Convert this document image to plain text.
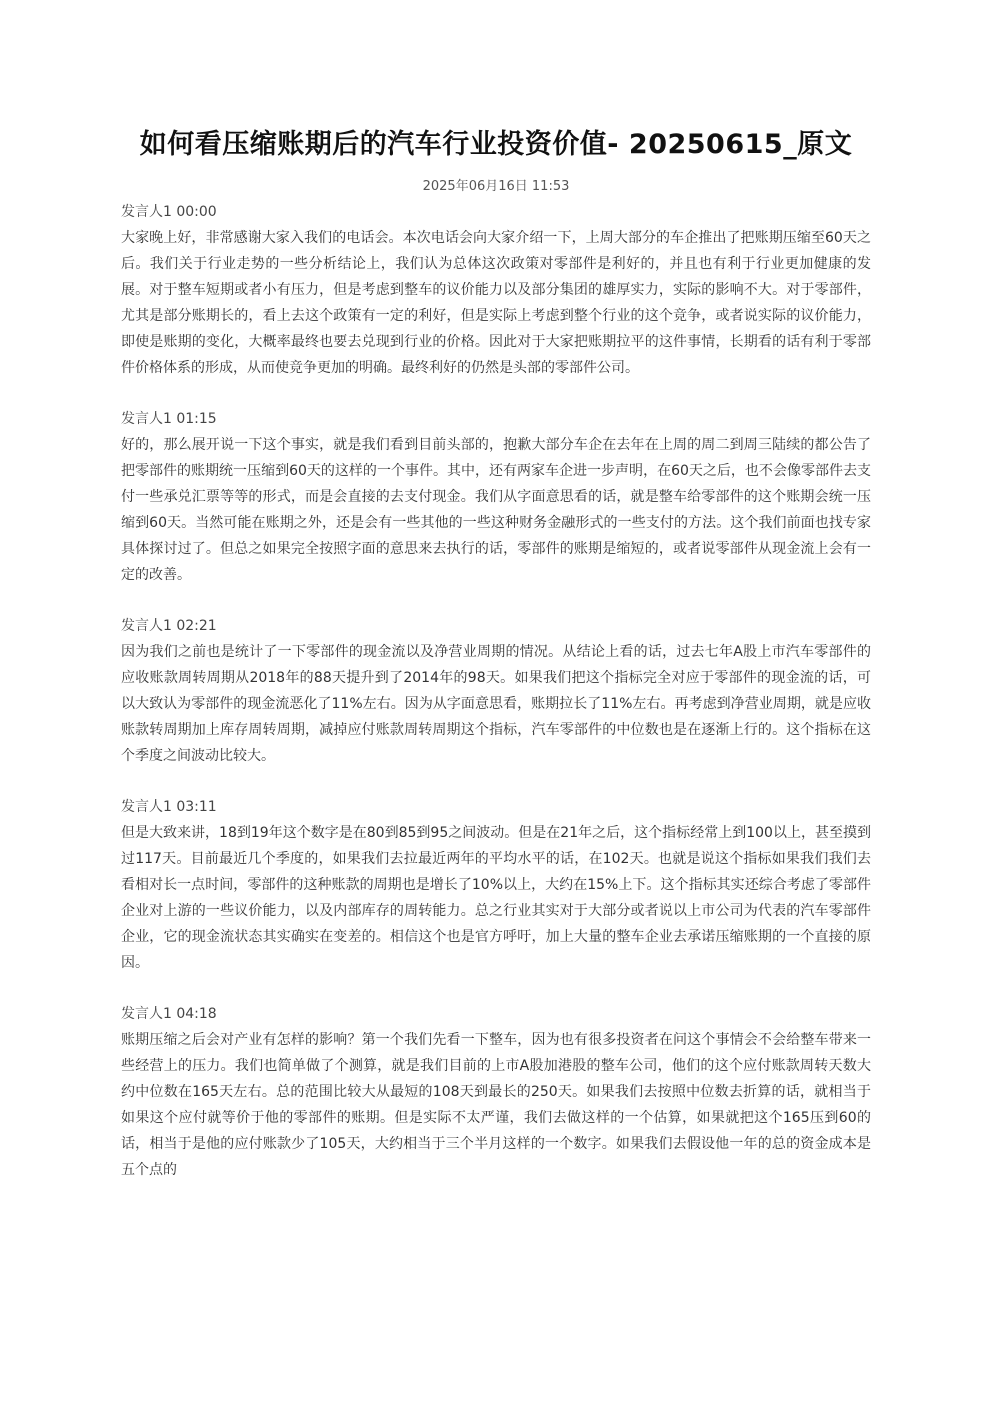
如何看压缩账期后的汽车行业投资价值- 20250615_原文
2025年06月16日 11:53
发言人1 00:00

大家晚上好，非常感谢大家入我们的电话会。本次电话会向大家介绍一下，上周大部分的车企推出了把账期压缩至60天之后。我们关于行业走势的一些分析结论上，我们认为总体这次政策对零部件是利好的，并且也有利于行业更加健康的发展。对于整车短期或者小有压力，但是考虑到整车的议价能力以及部分集团的雄厚实力，实际的影响不大。对于零部件，尤其是部分账期长的，看上去这个政策有一定的利好，但是实际上考虑到整个行业的这个竞争，或者说实际的议价能力，即使是账期的变化，大概率最终也要去兑现到行业的价格。因此对于大家把账期拉平的这件事情，长期看的话有利于零部件价格体系的形成，从而使竞争更加的明确。最终利好的仍然是头部的零部件公司。

发言人1 01:15

好的，那么展开说一下这个事实，就是我们看到目前头部的，抱歉大部分车企在去年在上周的周二到周三陆续的都公告了把零部件的账期统一压缩到60天的这样的一个事件。其中，还有两家车企进一步声明，在60天之后，也不会像零部件去支付一些承兑汇票等等的形式，而是会直接的去支付现金。我们从字面意思看的话，就是整车给零部件的这个账期会统一压缩到60天。当然可能在账期之外，还是会有一些其他的一些这种财务金融形式的一些支付的方法。这个我们前面也找专家具体探讨过了。但总之如果完全按照字面的意思来去执行的话，零部件的账期是缩短的，或者说零部件从现金流上会有一定的改善。

发言人1 02:21

因为我们之前也是统计了一下零部件的现金流以及净营业周期的情况。从结论上看的话，过去七年A股上市汽车零部件的应收账款周转周期从2018年的88天提升到了2014年的98天。如果我们把这个指标完全对应于零部件的现金流的话，可以大致认为零部件的现金流恶化了11%左右。因为从字面意思看，账期拉长了11%左右。再考虑到净营业周期，就是应收账款转周期加上库存周转周期，减掉应付账款周转周期这个指标，汽车零部件的中位数也是在逐渐上行的。这个指标在这个季度之间波动比较大。

发言人1 03:11

但是大致来讲，18到19年这个数字是在80到85到95之间波动。但是在21年之后，这个指标经常上到100以上，甚至摸到过117天。目前最近几个季度的，如果我们去拉最近两年的平均水平的话，在102天。也就是说这个指标如果我们我们去看相对长一点时间，零部件的这种账款的周期也是增长了10%以上，大约在15%上下。这个指标其实还综合考虑了零部件企业对上游的一些议价能力，以及内部库存的周转能力。总之行业其实对于大部分或者说以上市公司为代表的汽车零部件企业，它的现金流状态其实确实在变差的。相信这个也是官方呼吁，加上大量的整车企业去承诺压缩账期的一个直接的原因。

发言人1 04:18

账期压缩之后会对产业有怎样的影响？第一个我们先看一下整车，因为也有很多投资者在问这个事情会不会给整车带来一些经营上的压力。我们也简单做了个测算，就是我们目前的上市A股加港股的整车公司，他们的这个应付账款周转天数大约中位数在165天左右。总的范围比较大从最短的108天到最长的250天。如果我们去按照中位数去折算的话，就相当于如果这个应付就等价于他的零部件的账期。但是实际不太严谨，我们去做这样的一个估算，如果就把这个165压到60的话，相当于是他的应付账款少了105天，大约相当于三个半月这样的一个数字。如果我们去假设他一年的总的资金成本是五个点的
